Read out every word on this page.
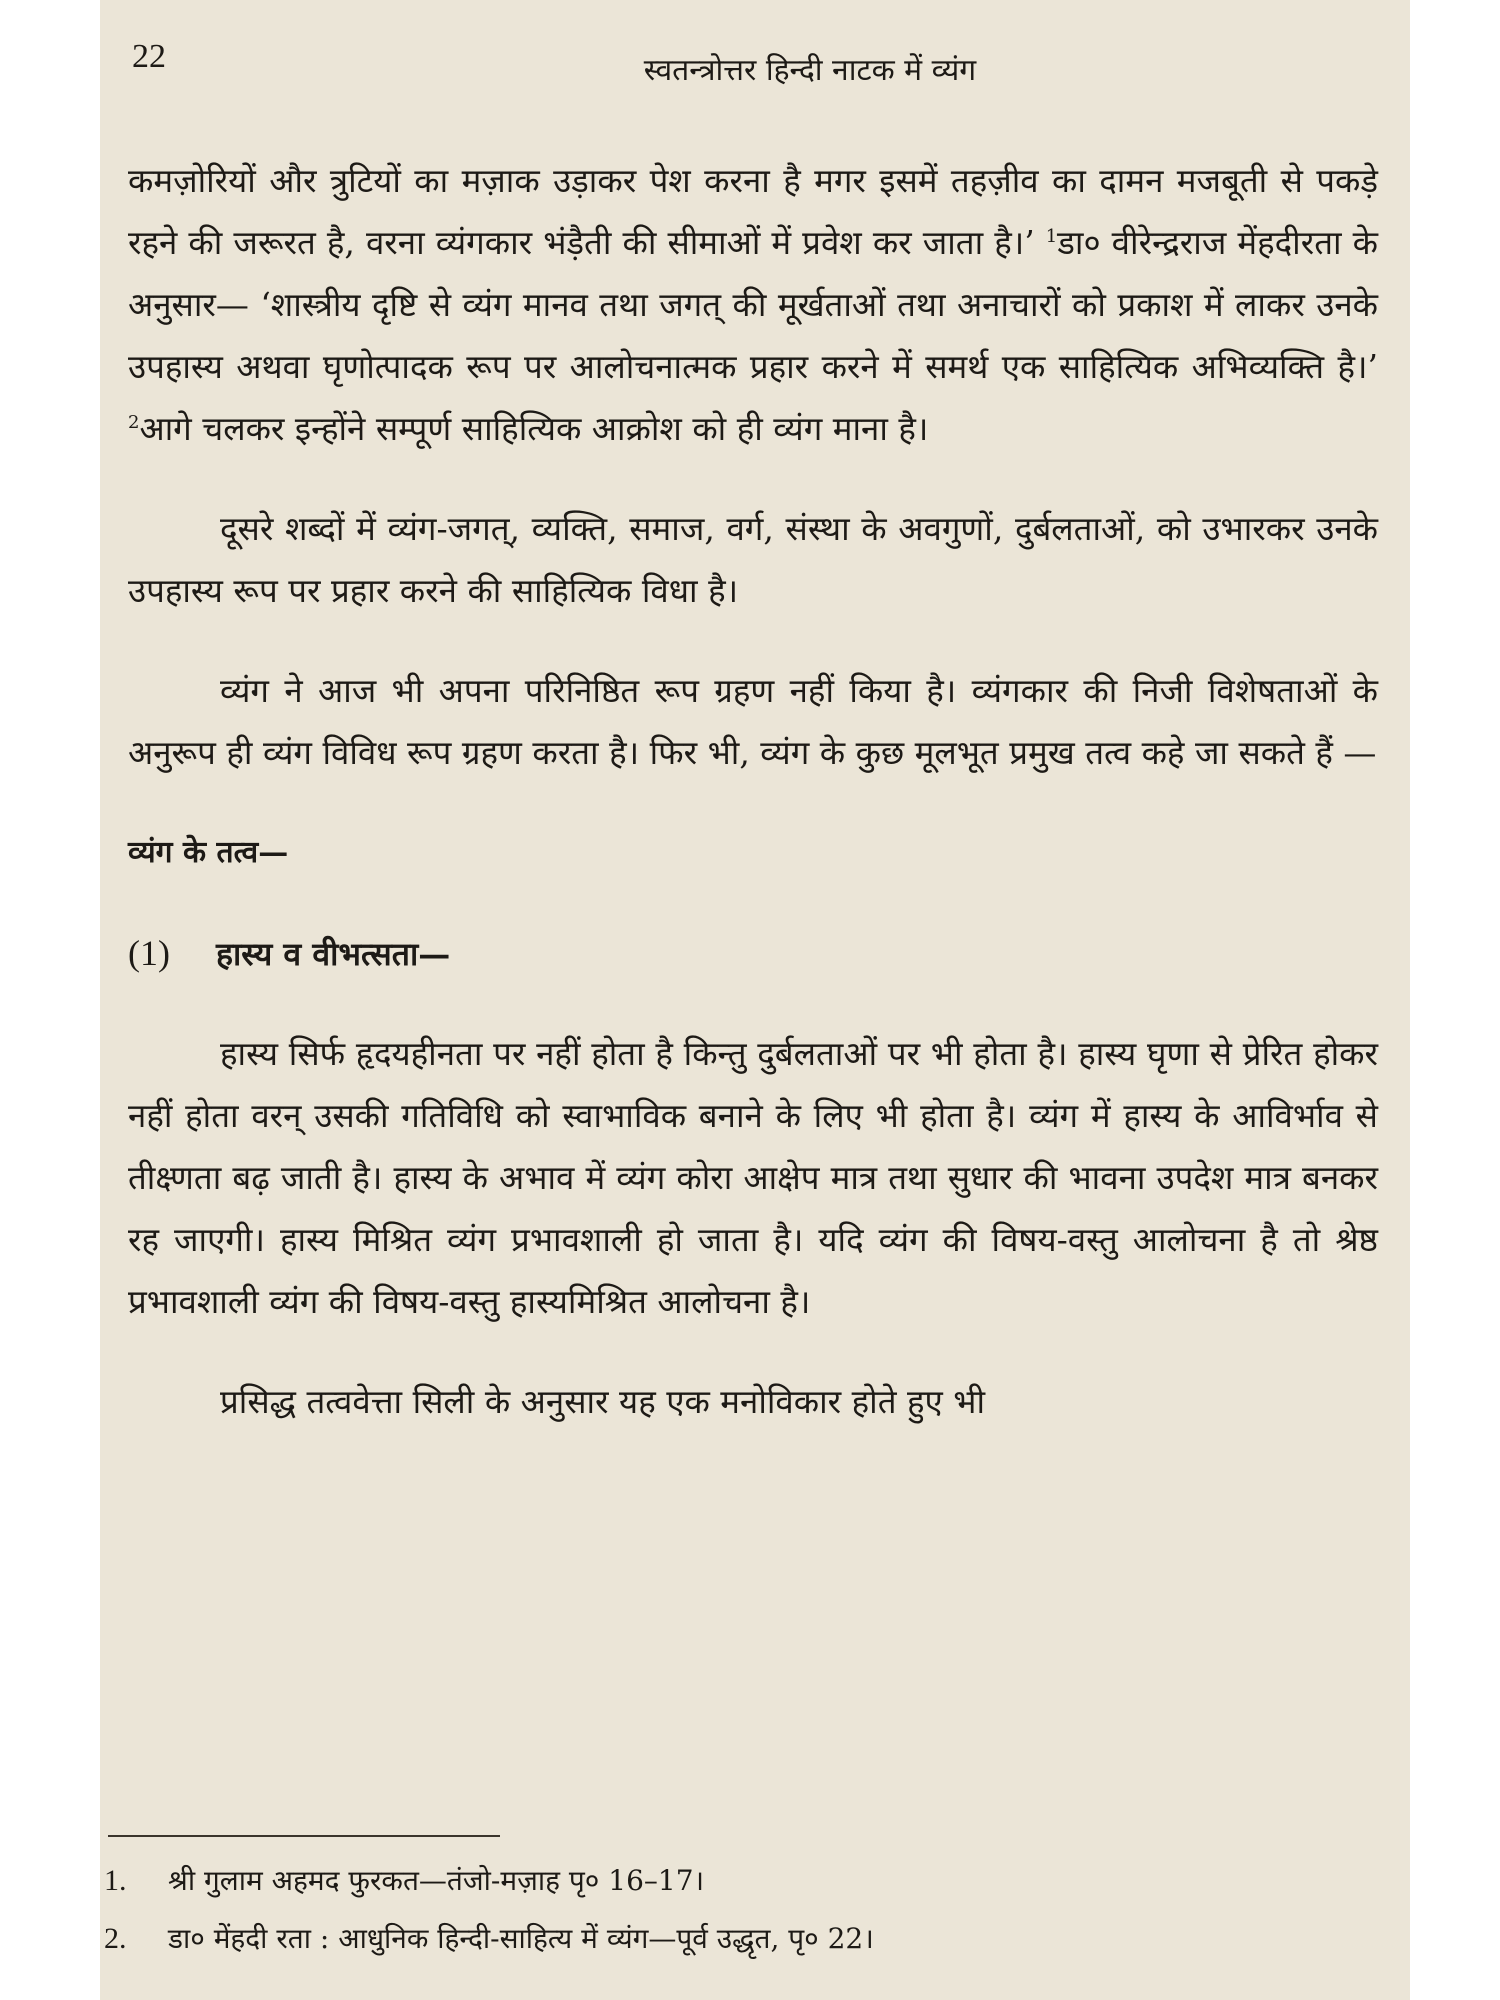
22	स्वतन्त्रोत्तर हिन्दी नाटक में व्यंग

कमज़ोरियों और त्रुटियों का मज़ाक उड़ाकर पेश करना है मगर इसमें तहज़ीव का दामन मजबूती से पकड़े रहने की जरूरत है, वरना व्यंगकार भंड़ैती की सीमाओं में प्रवेश कर जाता है।’ $^1$डा० वीरेन्द्रराज मेंहदीरता के अनुसार— ‘शास्त्रीय दृष्टि से व्यंग मानव तथा जगत् की मूर्खताओं तथा अनाचारों को प्रकाश में लाकर उनके उपहास्य अथवा घृणोत्पादक रूप पर आलोचनात्मक प्रहार करने में समर्थ एक साहित्यिक अभिव्यक्ति है।’ $^2$आगे चलकर इन्होंने सम्पूर्ण साहित्यिक आक्रोश को ही व्यंग माना है।

दूसरे शब्दों में व्यंग-जगत्, व्यक्ति, समाज, वर्ग, संस्था के अवगुणों, दुर्बलताओं, को उभारकर उनके उपहास्य रूप पर प्रहार करने की साहित्यिक विधा है।

व्यंग ने आज भी अपना परिनिष्ठित रूप ग्रहण नहीं किया है। व्यंगकार की निजी विशेषताओं के अनुरूप ही व्यंग विविध रूप ग्रहण करता है। फिर भी, व्यंग के कुछ मूलभूत प्रमुख तत्व कहे जा सकते हैं —

व्यंग के तत्व—

(1) हास्य व वीभत्सता—

हास्य सिर्फ हृदयहीनता पर नहीं होता है किन्तु दुर्बलताओं पर भी होता है। हास्य घृणा से प्रेरित होकर नहीं होता वरन् उसकी गतिविधि को स्वाभाविक बनाने के लिए भी होता है। व्यंग में हास्य के आविर्भाव से तीक्ष्णता बढ़ जाती है। हास्य के अभाव में व्यंग कोरा आक्षेप मात्र तथा सुधार की भावना उपदेश मात्र बनकर रह जाएगी। हास्य मिश्रित व्यंग प्रभावशाली हो जाता है। यदि व्यंग की विषय-वस्तु आलोचना है तो श्रेष्ठ प्रभावशाली व्यंग की विषय-वस्तु हास्यमिश्रित आलोचना है।

प्रसिद्ध तत्ववेत्ता सिली के अनुसार यह एक मनोविकार होते हुए भी

1. श्री गुलाम अहमद फुरकत—तंजो-मज़ाह पृ० 16–17।

2. डा० मेंहदी रता : आधुनिक हिन्दी-साहित्य में व्यंग—पूर्व उद्धृत, पृ० 22।
